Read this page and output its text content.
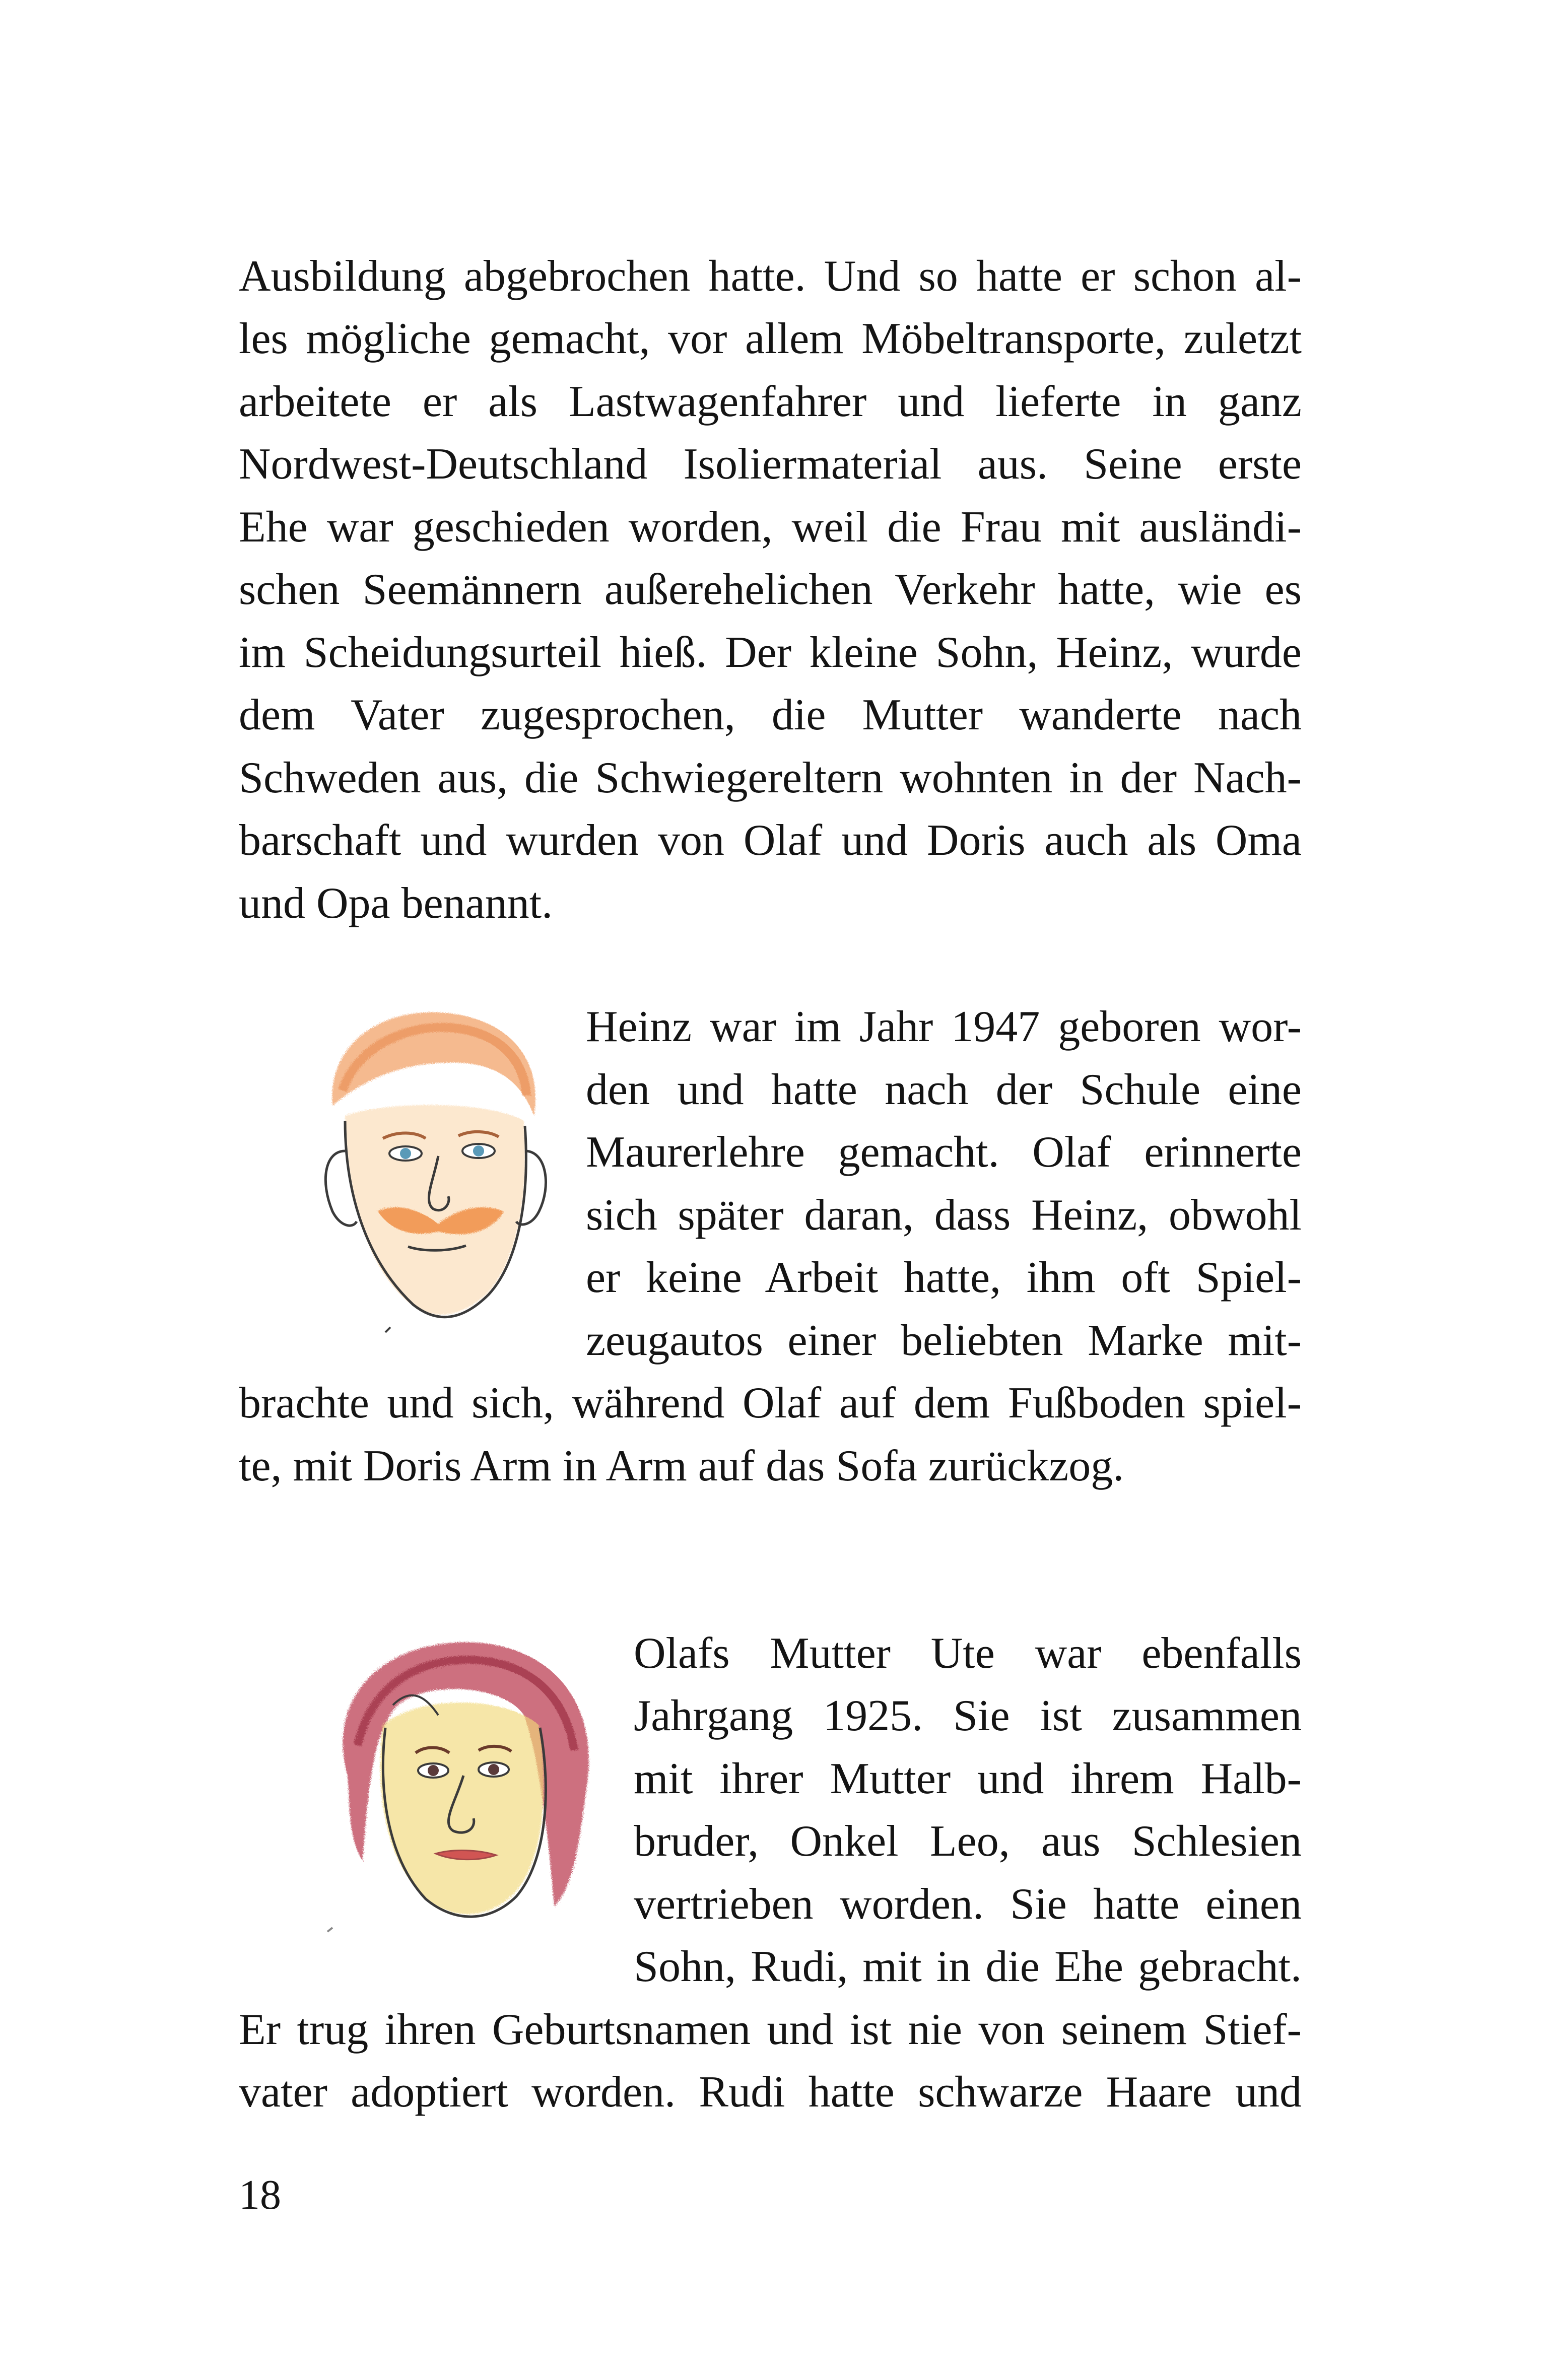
Ausbildung abgebrochen hatte. Und so hatte er schon al-

les mögliche gemacht, vor allem Möbeltransporte, zuletzt

arbeitete er als Lastwagenfahrer und lieferte in ganz

Nordwest-Deutschland Isoliermaterial aus. Seine erste

Ehe war geschieden worden, weil die Frau mit ausländi-

schen Seemännern außerehelichen Verkehr hatte, wie es

im Scheidungsurteil hieß. Der kleine Sohn, Heinz, wurde

dem Vater zugesprochen, die Mutter wanderte nach

Schweden aus, die Schwiegereltern wohnten in der Nach-

barschaft und wurden von Olaf und Doris auch als Oma

und Opa benannt.

Heinz war im Jahr 1947 geboren wor-

den und hatte nach der Schule eine

Maurerlehre gemacht. Olaf erinnerte

sich später daran, dass Heinz, obwohl

er keine Arbeit hatte, ihm oft Spiel-

zeugautos einer beliebten Marke mit-

brachte und sich, während Olaf auf dem Fußboden spiel-

te, mit Doris Arm in Arm auf das Sofa zurückzog.

Olafs Mutter Ute war ebenfalls

Jahrgang 1925. Sie ist zusammen

mit ihrer Mutter und ihrem Halb-

bruder, Onkel Leo, aus Schlesien

vertrieben worden. Sie hatte einen

Sohn, Rudi, mit in die Ehe gebracht.

Er trug ihren Geburtsnamen und ist nie von seinem Stief-

vater adoptiert worden. Rudi hatte schwarze Haare und

18
